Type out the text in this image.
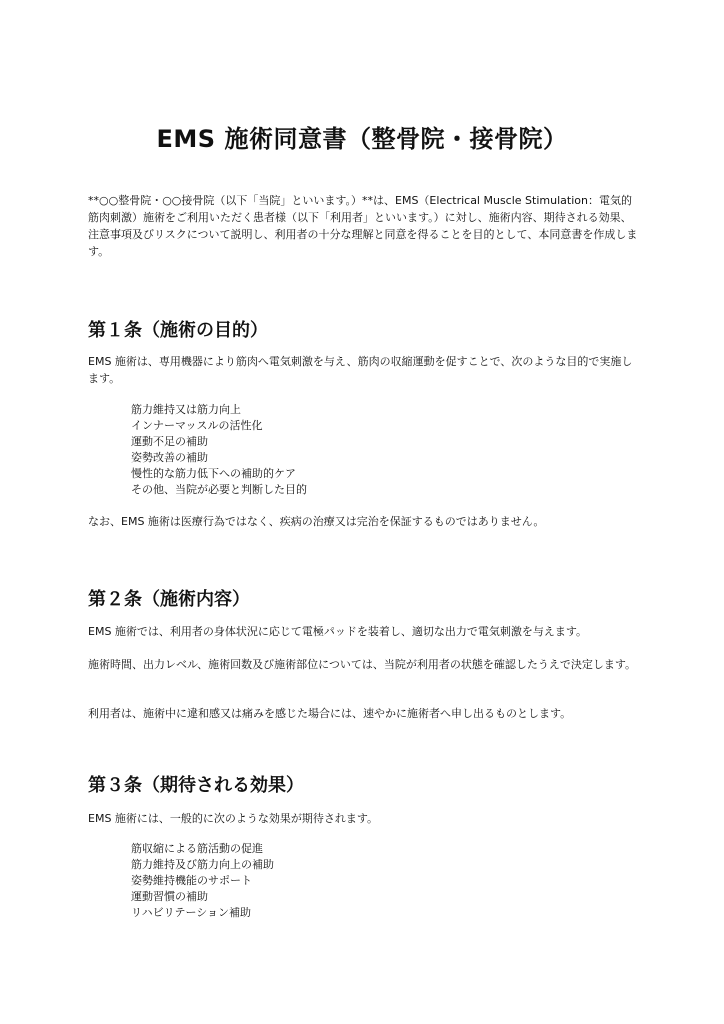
EMS 施術同意書（整骨院・接骨院）
**○○整骨院・○○接骨院（以下「当院」といいます。）**は、EMS（Electrical Muscle Stimulation：電気的筋肉刺激）施術をご利用いただく患者様（以下「利用者」といいます。）に対し、施術内容、期待される効果、注意事項及びリスクについて説明し、利用者の十分な理解と同意を得ることを目的として、本同意書を作成します。
第１条（施術の目的）
EMS 施術は、専用機器により筋肉へ電気刺激を与え、筋肉の収縮運動を促すことで、次のような目的で実施します。
筋力維持又は筋力向上
インナーマッスルの活性化
運動不足の補助
姿勢改善の補助
慢性的な筋力低下への補助的ケア
その他、当院が必要と判断した目的
なお、EMS 施術は医療行為ではなく、疾病の治療又は完治を保証するものではありません。
第２条（施術内容）
EMS 施術では、利用者の身体状況に応じて電極パッドを装着し、適切な出力で電気刺激を与えます。
施術時間、出力レベル、施術回数及び施術部位については、当院が利用者の状態を確認したうえで決定します。
利用者は、施術中に違和感又は痛みを感じた場合には、速やかに施術者へ申し出るものとします。
第３条（期待される効果）
EMS 施術には、一般的に次のような効果が期待されます。
筋収縮による筋活動の促進
筋力維持及び筋力向上の補助
姿勢維持機能のサポート
運動習慣の補助
リハビリテーション補助
